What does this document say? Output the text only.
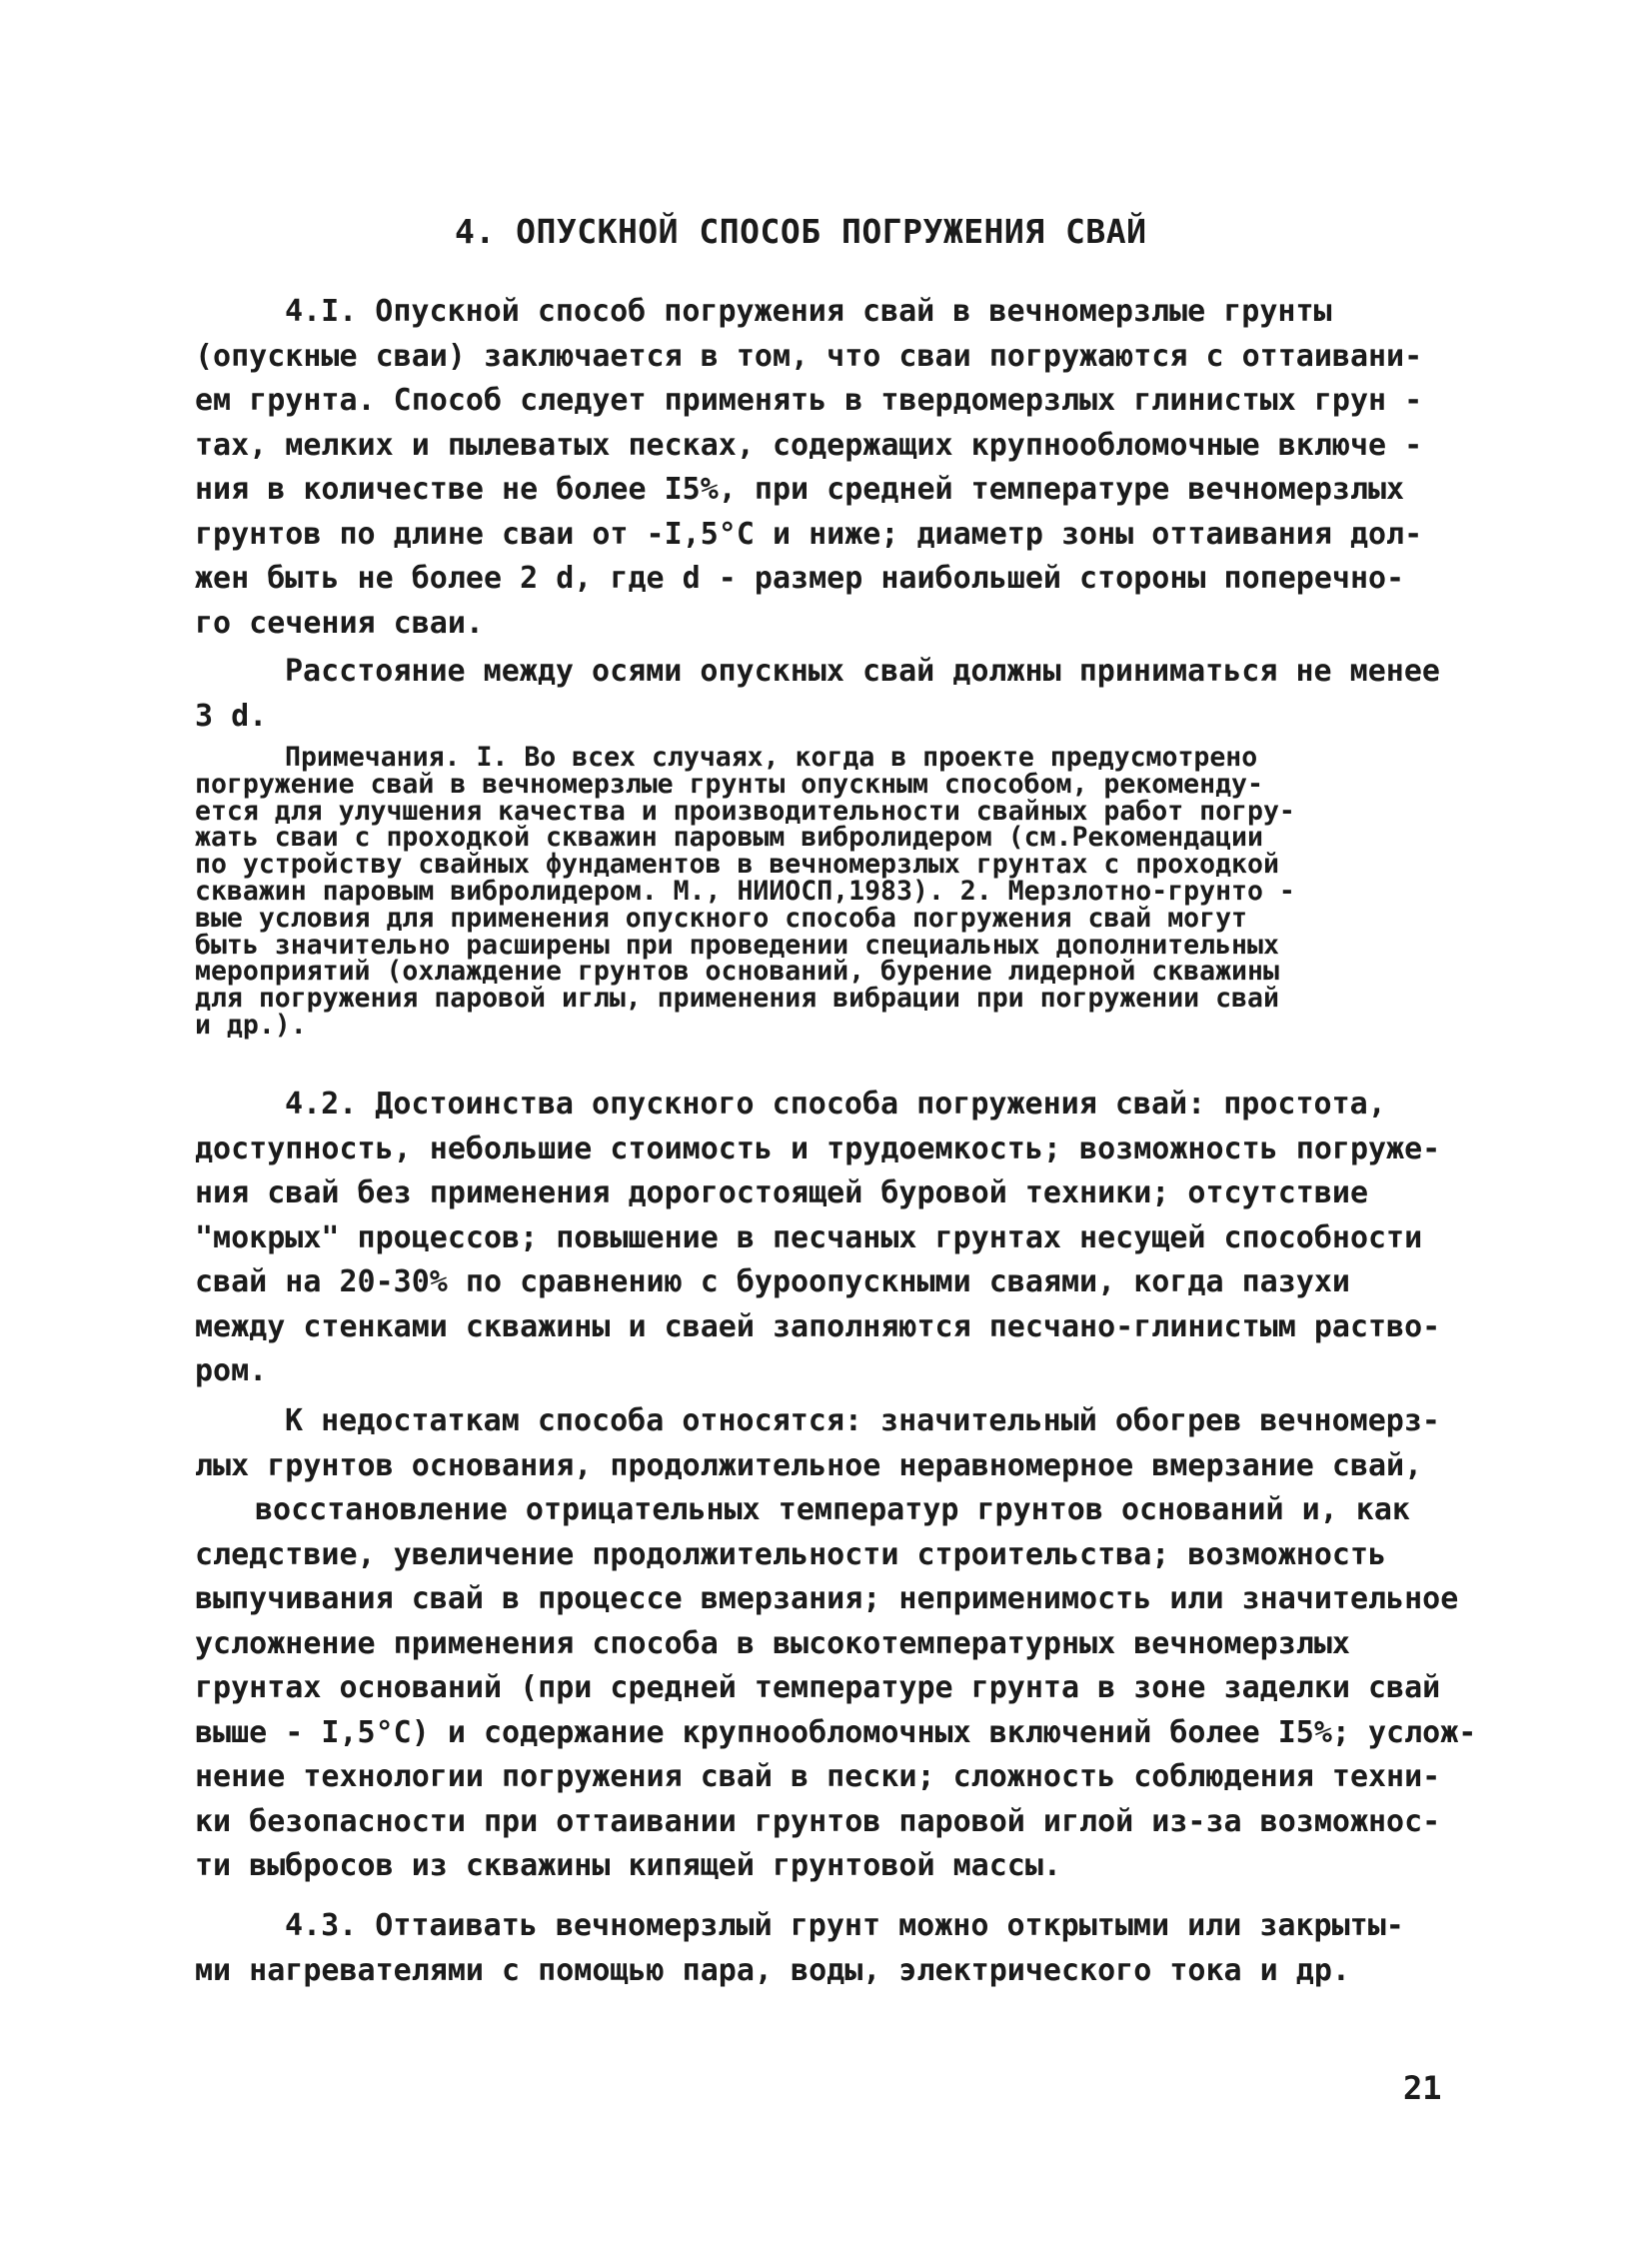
4. ОПУСКНОЙ СПОСОБ ПОГРУЖЕНИЯ СВАЙ
4.I. Опускной способ погружения свай в вечномерзлые грунты
(опускные сваи) заключается в том, что сваи погружаются с оттаивани-
ем грунта. Способ следует применять в твердомерзлых глинистых грун -
тах, мелких и пылеватых песках, содержащих крупнообломочные включе -
ния в количестве не более I5%, при средней температуре вечномерзлых
грунтов по длине сваи от -I,5°C и ниже; диаметр зоны оттаивания дол-
жен быть не более 2 d, где d - размер наибольшей стороны поперечно-
го сечения сваи.
Расстояние между осями опускных свай должны приниматься не менее
3 d.
Примечания. I. Во всех случаях, когда в проекте предусмотрено
погружение свай в вечномерзлые грунты опускным способом, рекоменду-
ется для улучшения качества и производительности свайных работ погру-
жать сваи с проходкой скважин паровым вибролидером (см.Рекомендации
по устройству свайных фундаментов в вечномерзлых грунтах с проходкой
скважин паровым вибролидером. М., НИИОСП,1983). 2. Мерзлотно-грунто -
вые условия для применения опускного способа погружения свай могут
быть значительно расширены при проведении специальных дополнительных
мероприятий (охлаждение грунтов оснований, бурение лидерной скважины
для погружения паровой иглы, применения вибрации при погружении свай
и др.).
4.2. Достоинства опускного способа погружения свай: простота,
доступность, небольшие стоимость и трудоемкость; возможность погруже-
ния свай без применения дорогостоящей буровой техники; отсутствие
"мокрых" процессов; повышение в песчаных грунтах несущей способности
свай на 20-30% по сравнению с буроопускными сваями, когда пазухи
между стенками скважины и сваей заполняются песчано-глинистым раство-
ром.
К недостаткам способа относятся: значительный обогрев вечномерз-
лых грунтов основания, продолжительное неравномерное вмерзание свай,
восстановление отрицательных температур грунтов оснований и, как
следствие, увеличение продолжительности строительства; возможность
выпучивания свай в процессе вмерзания; неприменимость или значительное
усложнение применения способа в высокотемпературных вечномерзлых
грунтах оснований (при средней температуре грунта в зоне заделки свай
выше - I,5°C) и содержание крупнообломочных включений более I5%; услож-
нение технологии погружения свай в пески; сложность соблюдения техни-
ки безопасности при оттаивании грунтов паровой иглой из-за возможнос-
ти выбросов из скважины кипящей грунтовой массы.
4.3. Оттаивать вечномерзлый грунт можно открытыми или закрыты-
ми нагревателями с помощью пара, воды, электрического тока и др.
21
